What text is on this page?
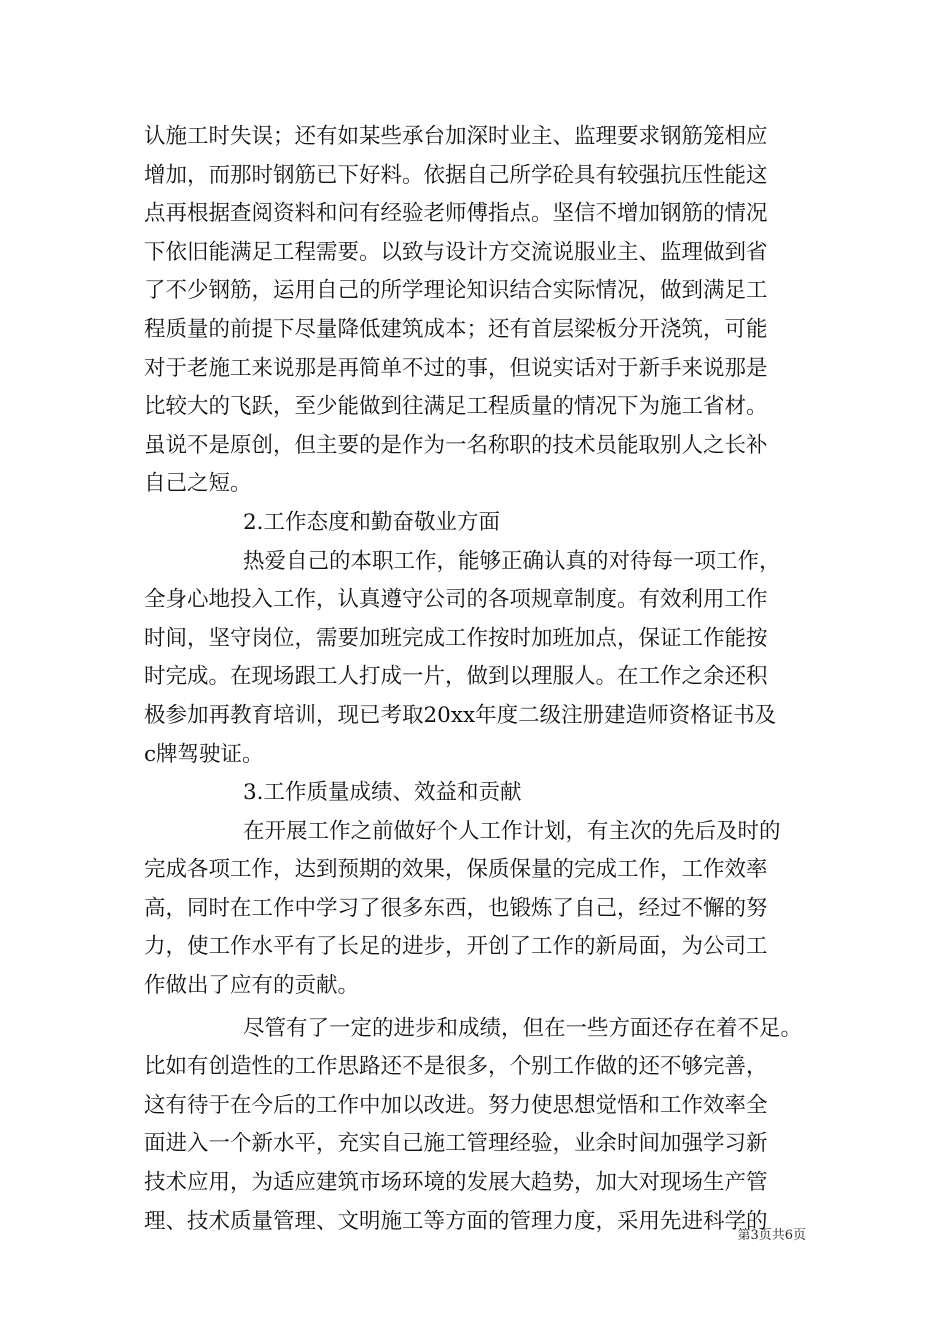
认施工时失误；还有如某些承台加深时业主、监理要求钢筋笼相应
增加，而那时钢筋已下好料。依据自己所学砼具有较强抗压性能这
点再根据查阅资料和问有经验老师傅指点。坚信不增加钢筋的情况
下依旧能满足工程需要。以致与设计方交流说服业主、监理做到省
了不少钢筋，运用自己的所学理论知识结合实际情况，做到满足工
程质量的前提下尽量降低建筑成本；还有首层梁板分开浇筑，可能
对于老施工来说那是再简单不过的事，但说实话对于新手来说那是
比较大的飞跃，至少能做到往满足工程质量的情况下为施工省材。
虽说不是原创，但主要的是作为一名称职的技术员能取别人之长补
自己之短。
2.工作态度和勤奋敬业方面
热爱自己的本职工作，能够正确认真的对待每一项工作，
全身心地投入工作，认真遵守公司的各项规章制度。有效利用工作
时间，坚守岗位，需要加班完成工作按时加班加点，保证工作能按
时完成。在现场跟工人打成一片，做到以理服人。在工作之余还积
极参加再教育培训，现已考取20xx年度二级注册建造师资格证书及
c牌驾驶证。
3.工作质量成绩、效益和贡献
在开展工作之前做好个人工作计划，有主次的先后及时的
完成各项工作，达到预期的效果，保质保量的完成工作，工作效率
高，同时在工作中学习了很多东西，也锻炼了自己，经过不懈的努
力，使工作水平有了长足的进步，开创了工作的新局面，为公司工
作做出了应有的贡献。
尽管有了一定的进步和成绩，但在一些方面还存在着不足。
比如有创造性的工作思路还不是很多，个别工作做的还不够完善，
这有待于在今后的工作中加以改进。努力使思想觉悟和工作效率全
面进入一个新水平，充实自己施工管理经验，业余时间加强学习新
技术应用，为适应建筑市场环境的发展大趋势，加大对现场生产管
理、技术质量管理、文明施工等方面的管理力度，采用先进科学的
第3页共6页
